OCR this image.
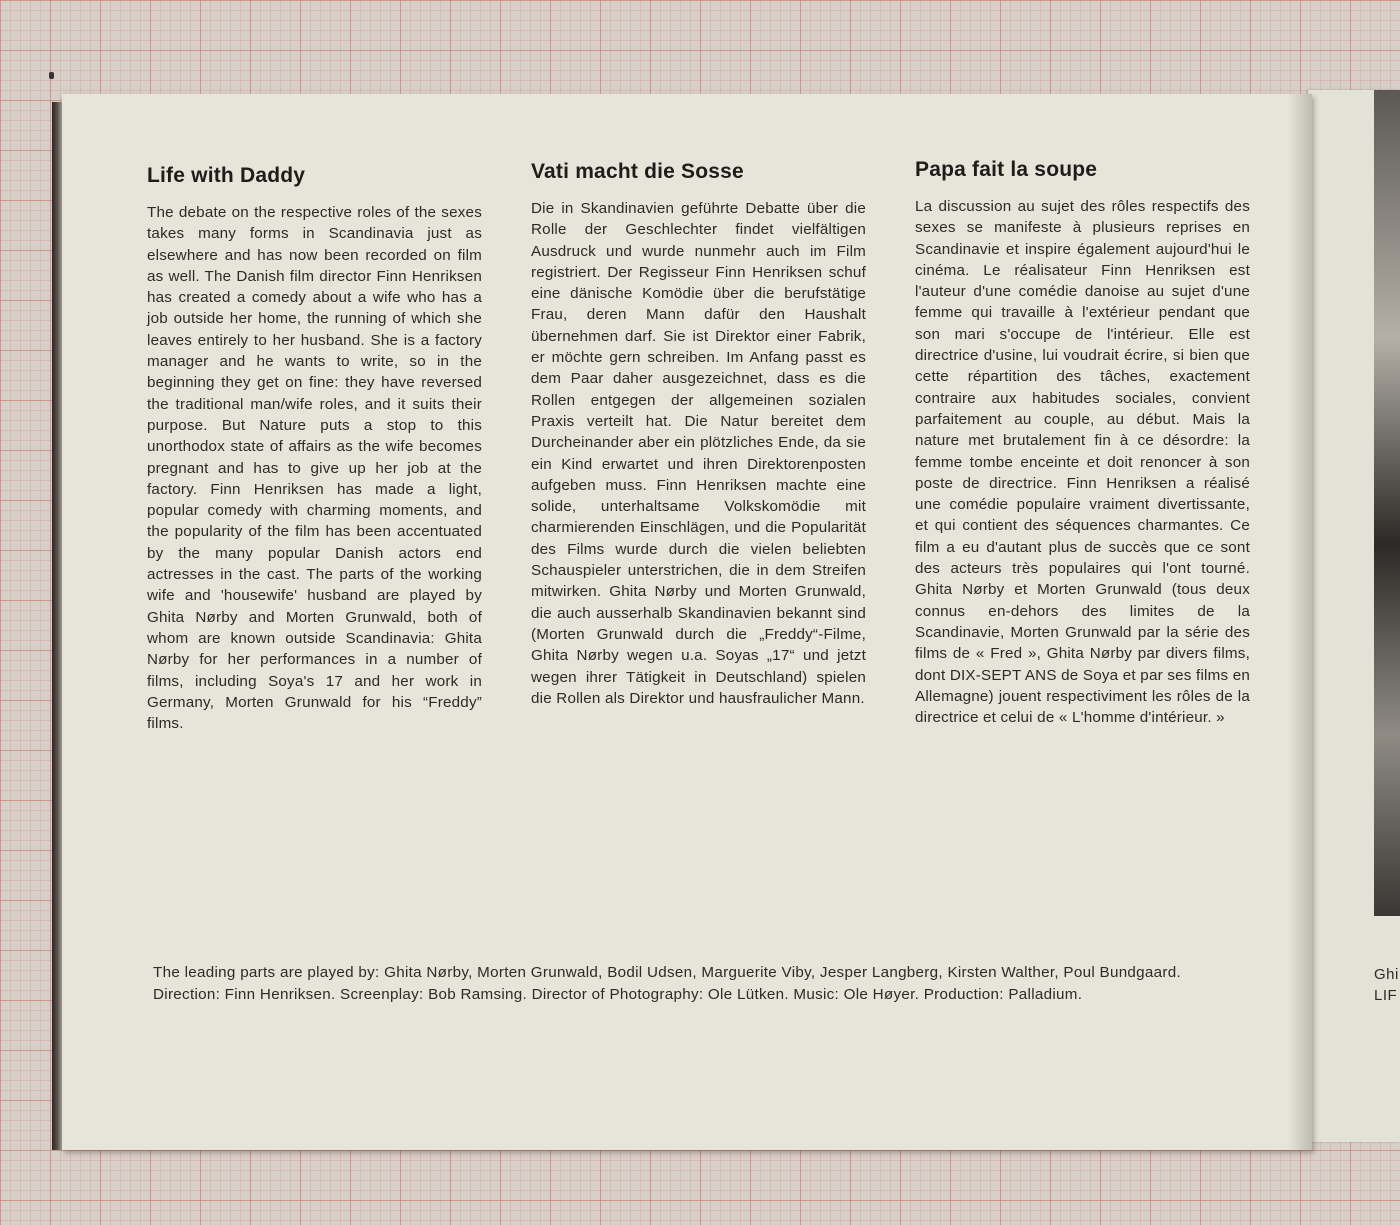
Ghi
LIF
Life with Daddy

The debate on the respective roles of the sexes takes many forms in Scandinavia just as elsewhere and has now been recorded on film as well. The Danish film director Finn Henriksen has created a comedy about a wife who has a job outside her home, the running of which she leaves entirely to her husband. She is a factory manager and he wants to write, so in the beginning they get on fine: they have reversed the traditional man/wife roles, and it suits their purpose. But Nature puts a stop to this unorthodox state of affairs as the wife becomes pregnant and has to give up her job at the factory. Finn Henriksen has made a light, popular comedy with charming moments, and the popularity of the film has been accentuated by the many popular Danish actors end actresses in the cast. The parts of the working wife and 'housewife' husband are played by Ghita Nørby and Morten Grunwald, both of whom are known outside Scandinavia: Ghita Nørby for her performances in a number of films, including Soya's 17 and her work in Germany, Morten Grunwald for his “Freddy” films.

Vati macht die Sosse

Die in Skandinavien geführte Debatte über die Rolle der Geschlechter findet vielfältigen Ausdruck und wurde nunmehr auch im Film registriert. Der Regisseur Finn Henriksen schuf eine dänische Komödie über die berufstätige Frau, deren Mann dafür den Haushalt übernehmen darf. Sie ist Direktor einer Fabrik, er möchte gern schreiben. Im Anfang passt es dem Paar daher ausgezeichnet, dass es die Rollen entgegen der allgemeinen sozialen Praxis verteilt hat. Die Natur bereitet dem Durcheinander aber ein plötzliches Ende, da sie ein Kind erwartet und ihren Direktorenposten aufgeben muss. Finn Henriksen machte eine solide, unterhaltsame Volkskomödie mit charmierenden Einschlägen, und die Popularität des Films wurde durch die vielen beliebten Schauspieler unterstrichen, die in dem Streifen mitwirken. Ghita Nørby und Morten Grunwald, die auch ausserhalb Skandinavien bekannt sind (Morten Grunwald durch die „Freddy“-Filme, Ghita Nørby wegen u.a. Soyas „17“ und jetzt wegen ihrer Tätigkeit in Deutschland) spielen die Rollen als Direktor und hausfraulicher Mann.

Papa fait la soupe

La discussion au sujet des rôles respectifs des sexes se manifeste à plusieurs reprises en Scandinavie et inspire également aujourd'hui le cinéma. Le réalisateur Finn Henriksen est l'auteur d'une comédie danoise au sujet d'une femme qui travaille à l'extérieur pendant que son mari s'occupe de l'intérieur. Elle est directrice d'usine, lui voudrait écrire, si bien que cette répartition des tâches, exactement contraire aux habitudes sociales, convient parfaitement au couple, au début. Mais la nature met brutalement fin à ce désordre: la femme tombe enceinte et doit renoncer à son poste de directrice. Finn Henriksen a réalisé une comédie populaire vraiment divertissante, et qui contient des séquences charmantes. Ce film a eu d'autant plus de succès que ce sont des acteurs très populaires qui l'ont tourné. Ghita Nørby et Morten Grunwald (tous deux connus en-dehors des limites de la Scandinavie, Morten Grunwald par la série des films de « Fred », Ghita Nørby par divers films, dont DIX-SEPT ANS de Soya et par ses films en Allemagne) jouent respectiviment les rôles de la directrice et celui de « L'homme d'intérieur. »

The leading parts are played by: Ghita Nørby, Morten Grunwald, Bodil Udsen, Marguerite Viby, Jesper Langberg, Kirsten Walther, Poul Bundgaard. Direction: Finn Henriksen. Screenplay: Bob Ramsing. Director of Photography: Ole Lütken. Music: Ole Høyer. Production: Palladium.
